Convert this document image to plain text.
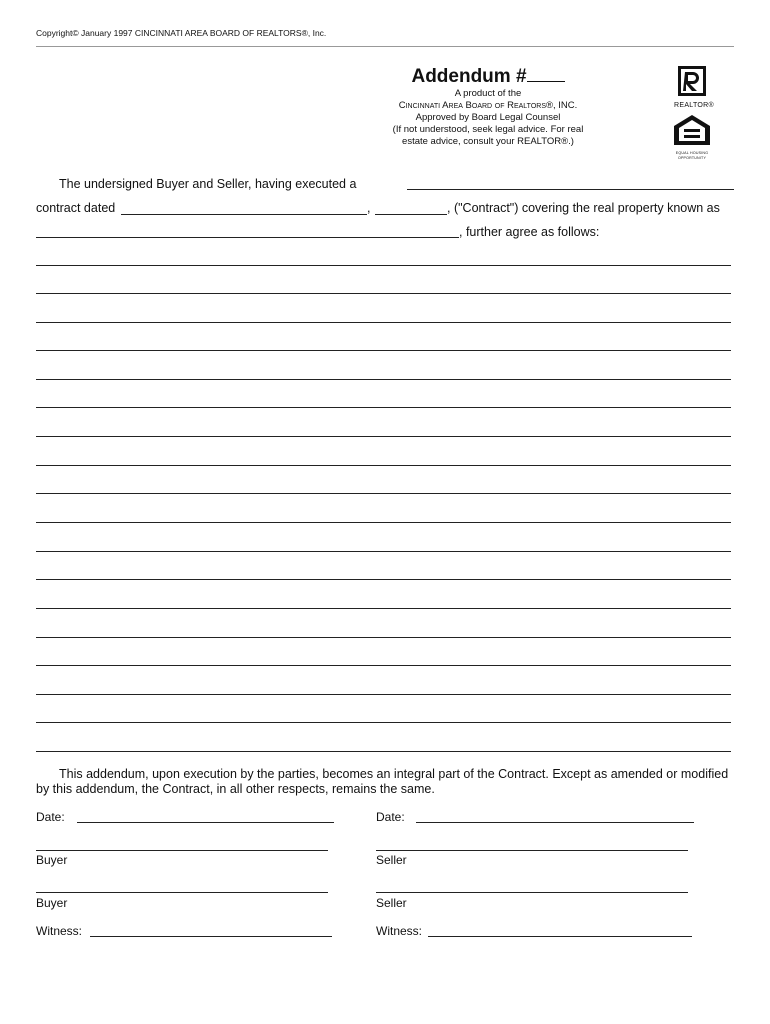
Copyright© January 1997 CINCINNATI AREA BOARD OF REALTORS®, Inc.
Addendum #
A product of the
Cincinnati Area Board of Realtors®, INC.
Approved by Board Legal Counsel
(If not understood, seek legal advice. For real
estate advice, consult your REALTOR®.)
REALTOR®
EQUAL HOUSING OPPORTUNITY
The undersigned Buyer and Seller, having executed a
contract dated	,	, ("Contract") covering the real property known as
, further agree as follows:
This addendum, upon execution by the parties, becomes an integral part of the Contract. Except as amended or modified by this addendum, the Contract, in all other respects, remains the same.
Date:
Buyer
Buyer
Witness:
Date:
Seller
Seller
Witness:
